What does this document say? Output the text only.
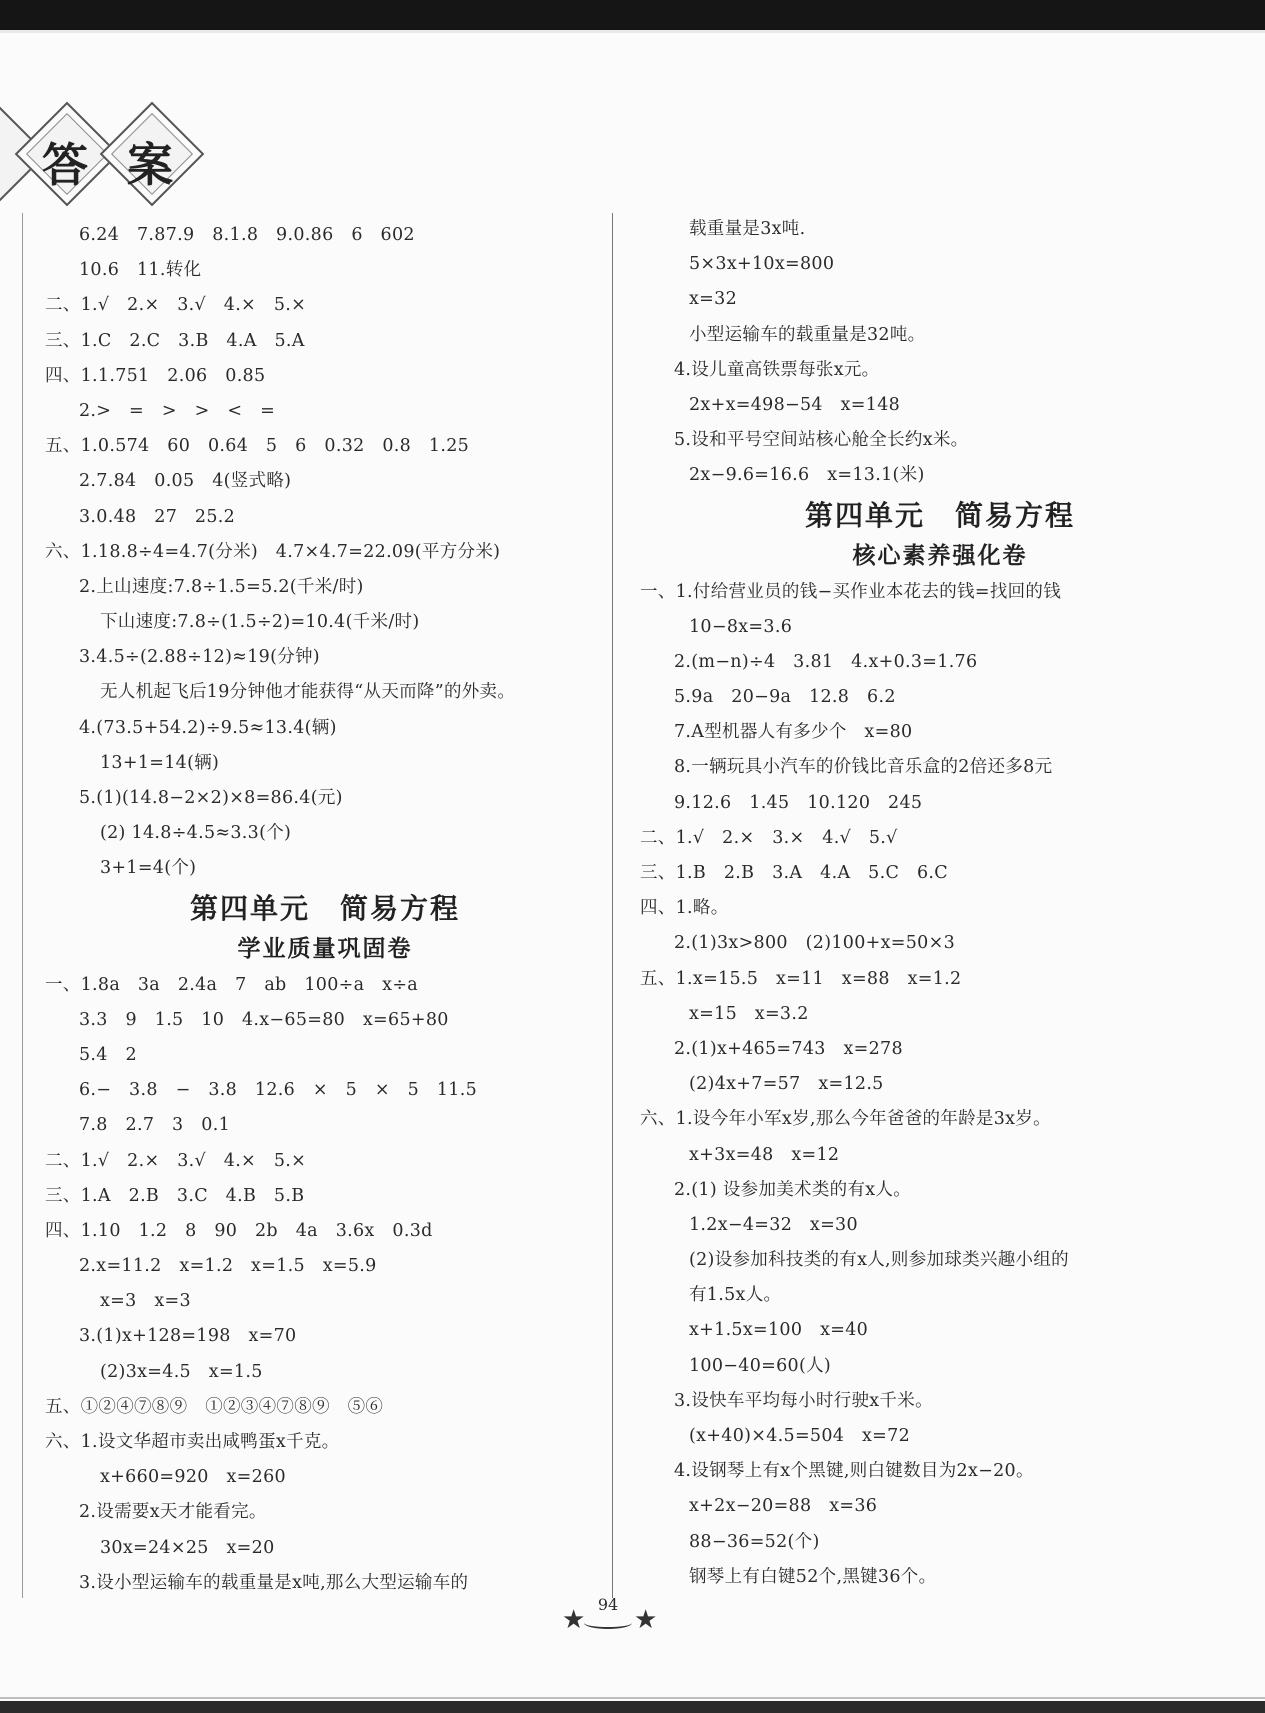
答 案
6.24　7.87.9　8.1.8　9.0.86　6　602
10.6　11.转化
二、1.√　2.×　3.√　4.×　5.×
三、1.C　2.C　3.B　4.A　5.A
四、1.1.751　2.06　0.85
2.>　=　>　>　<　=
五、1.0.574　60　0.64　5　6　0.32　0.8　1.25
2.7.84　0.05　4(竖式略)
3.0.48　27　25.2
六、1.18.8÷4=4.7(分米)　4.7×4.7=22.09(平方分米)
2.上山速度:7.8÷1.5=5.2(千米/时)
下山速度:7.8÷(1.5÷2)=10.4(千米/时)
3.4.5÷(2.88÷12)≈19(分钟)
无人机起飞后19分钟他才能获得“从天而降”的外卖。
4.(73.5+54.2)÷9.5≈13.4(辆)
13+1=14(辆)
5.(1)(14.8−2×2)×8=86.4(元)
(2) 14.8÷4.5≈3.3(个)
3+1=4(个)
第四单元　简易方程
学业质量巩固卷
一、1.8a　3a　2.4a　7　ab　100÷a　x÷a
3.3　9　1.5　10　4.x−65=80　x=65+80
5.4　2
6.−　3.8　−　3.8　12.6　×　5　×　5　11.5
7.8　2.7　3　0.1
二、1.√　2.×　3.√　4.×　5.×
三、1.A　2.B　3.C　4.B　5.B
四、1.10　1.2　8　90　2b　4a　3.6x　0.3d
2.x=11.2　x=1.2　x=1.5　x=5.9
x=3　x=3
3.(1)x+128=198　x=70
(2)3x=4.5　x=1.5
五、①②④⑦⑧⑨　①②③④⑦⑧⑨　⑤⑥
六、1.设文华超市卖出咸鸭蛋x千克。
x+660=920　x=260
2.设需要x天才能看完。
30x=24×25　x=20
3.设小型运输车的载重量是x吨,那么大型运输车的
载重量是3x吨.
5×3x+10x=800
x=32
小型运输车的载重量是32吨。
4.设儿童高铁票每张x元。
2x+x=498−54　x=148
5.设和平号空间站核心舱全长约x米。
2x−9.6=16.6　x=13.1(米)
第四单元　简易方程
核心素养强化卷
一、1.付给营业员的钱−买作业本花去的钱=找回的钱
10−8x=3.6
2.(m−n)÷4　3.81　4.x+0.3=1.76
5.9a　20−9a　12.8　6.2
7.A型机器人有多少个　x=80
8.一辆玩具小汽车的价钱比音乐盒的2倍还多8元
9.12.6　1.45　10.120　245
二、1.√　2.×　3.×　4.√　5.√
三、1.B　2.B　3.A　4.A　5.C　6.C
四、1.略。
2.(1)3x>800　(2)100+x=50×3
五、1.x=15.5　x=11　x=88　x=1.2
x=15　x=3.2
2.(1)x+465=743　x=278
(2)4x+7=57　x=12.5
六、1.设今年小军x岁,那么今年爸爸的年龄是3x岁。
x+3x=48　x=12
2.(1) 设参加美术类的有x人。
1.2x−4=32　x=30
(2)设参加科技类的有x人,则参加球类兴趣小组的
有1.5x人。
x+1.5x=100　x=40
100−40=60(人)
3.设快车平均每小时行驶x千米。
(x+40)×4.5=504　x=72
4.设钢琴上有x个黑键,则白键数目为2x−20。
x+2x−20=88　x=36
88−36=52(个)
钢琴上有白键52个,黑键36个。
★
94
★
